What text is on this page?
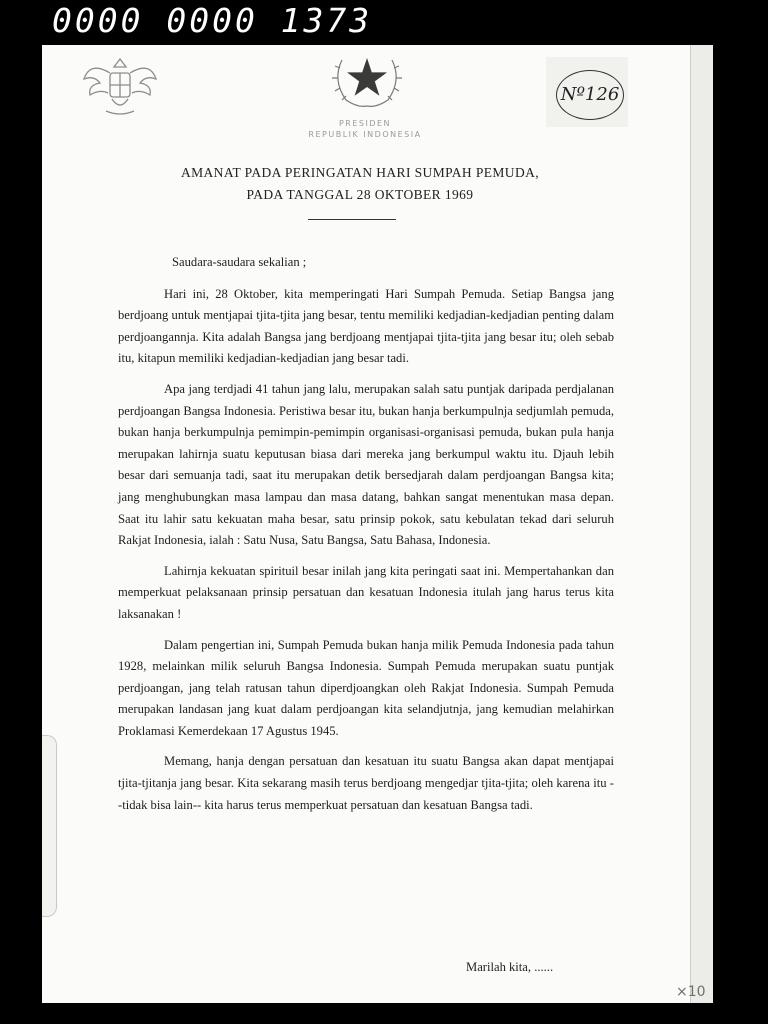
0000 0000 1373
PRESIDEN
REPUBLIK INDONESIA
Nº126
AMANAT PADA PERINGATAN HARI SUMPAH PEMUDA,
PADA TANGGAL 28 OKTOBER 1969

Saudara-saudara sekalian ;

Hari ini, 28 Oktober, kita memperingati Hari Sumpah Pemuda. Setiap Bangsa jang berdjoang untuk mentjapai tjita-tjita jang besar, tentu memiliki kedjadian-kedjadian penting dalam perdjoangannja. Kita adalah Bangsa jang berdjoang mentjapai tjita-tjita jang besar itu; oleh sebab itu, kitapun memiliki kedjadian-kedjadian jang besar tadi.

Apa jang terdjadi 41 tahun jang lalu, merupakan salah satu puntjak daripada perdjalanan perdjoangan Bangsa Indonesia. Peristiwa besar itu, bukan hanja berkumpulnja sedjumlah pemuda, bukan hanja berkumpulnja pemimpin-pemimpin organisasi-organisasi pemuda, bukan pula hanja merupakan lahirnja suatu keputusan biasa dari mereka jang berkumpul waktu itu. Djauh lebih besar dari semuanja tadi, saat itu merupakan detik bersedjarah dalam perdjoangan Bangsa kita; jang menghubungkan masa lampau dan masa datang, bahkan sangat menentukan masa depan. Saat itu lahir satu kekuatan maha besar, satu prinsip pokok, satu kebulatan tekad dari seluruh Rakjat Indonesia, ialah : Satu Nusa, Satu Bangsa, Satu Bahasa, Indonesia.

Lahirnja kekuatan spirituil besar inilah jang kita peringati saat ini. Mempertahankan dan memperkuat pelaksanaan prinsip persatuan dan kesatuan Indonesia itulah jang harus terus kita laksanakan !

Dalam pengertian ini, Sumpah Pemuda bukan hanja milik Pemuda Indonesia pada tahun 1928, melainkan milik seluruh Bangsa Indonesia. Sumpah Pemuda merupakan suatu puntjak perdjoangan, jang telah ratusan tahun diperdjoangkan oleh Rakjat Indonesia. Sumpah Pemuda merupakan landasan jang kuat dalam perdjoangan kita selandjutnja, jang kemudian melahirkan Proklamasi Kemerdekaan 17 Agustus 1945.

Memang, hanja dengan persatuan dan kesatuan itu suatu Bangsa akan dapat mentjapai tjita-tjitanja jang besar. Kita sekarang masih terus berdjoang mengedjar tjita-tjita; oleh karena itu --tidak bisa lain-- kita harus terus memperkuat persatuan dan kesatuan Bangsa tadi.

Marilah kita, ......
×10
